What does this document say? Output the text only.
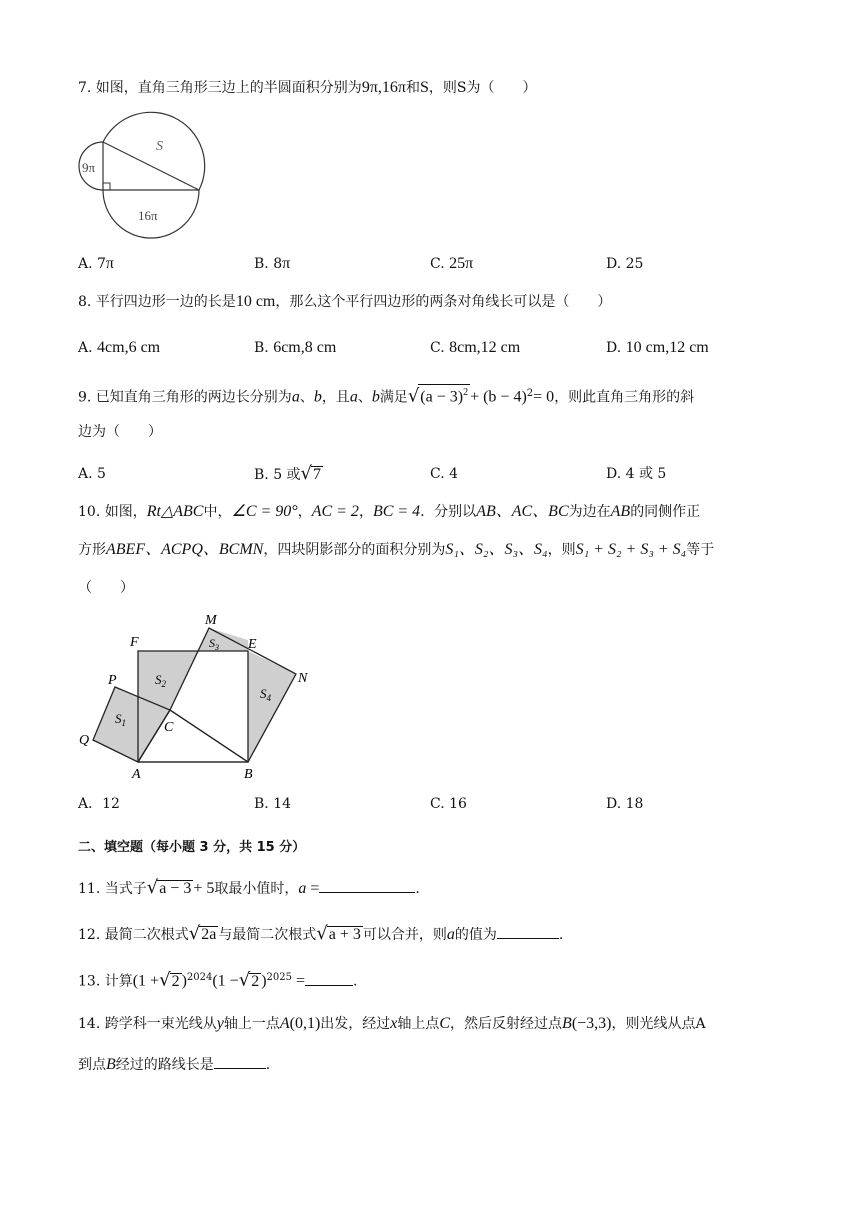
7. 如图，直角三角形三边上的半圆面积分别为9π,16π和S，则S为（　　）
S
9π
16π
A. 7π	B. 8π	C. 25π	D. 25
8. 平行四边形一边的长是10 cm，那么这个平行四边形的两条对角线长可以是（　　）
A. 4cm,6 cm	B. 6cm,8 cm	C. 8cm,12 cm	D. 10 cm,12 cm
9. 已知直角三角形的两边长分别为a、b，且a、b满足$√(a - 3)^2 + (b - 4)^2= 0$，则此直角三角形的斜
边为（　　）
A. 5	B. 5 或√7	C. 4	D. 4 或 5
10. 如图，Rt△ABC中，∠C = 90°，AC = 2，BC = 4．分别以AB、AC、BC为边在AB的同侧作正
方形ABEF、ACPQ、BCMN，四块阴影部分的面积分别为S₁、S₂、S₃、S₄，则S₁ + S₂ + S₃ + S₄等于
（　　）
M
F	E
N
P
Q
C
A	B
$S_1$
$S_2$
$S_3$
$S_4$
A．12	B. 14	C. 16	D. 18
二、填空题（每小题 3 分，共 15 分）
11. 当式子√a − 3 + 5取最小值时，a =	.
12. 最简二次根式√2a 与最简二次根式√a + 3 可以合并，则a的值为	.
13. 计算(1 +√2 )$^{2024}$(1 −√2 )$^{2025}$ =	.
14. 跨学科一束光线从y轴上一点A(0,1)出发，经过x轴上点C，然后反射经过点B(−3,3)，则光线从点A
到点B经过的路线长是	.
